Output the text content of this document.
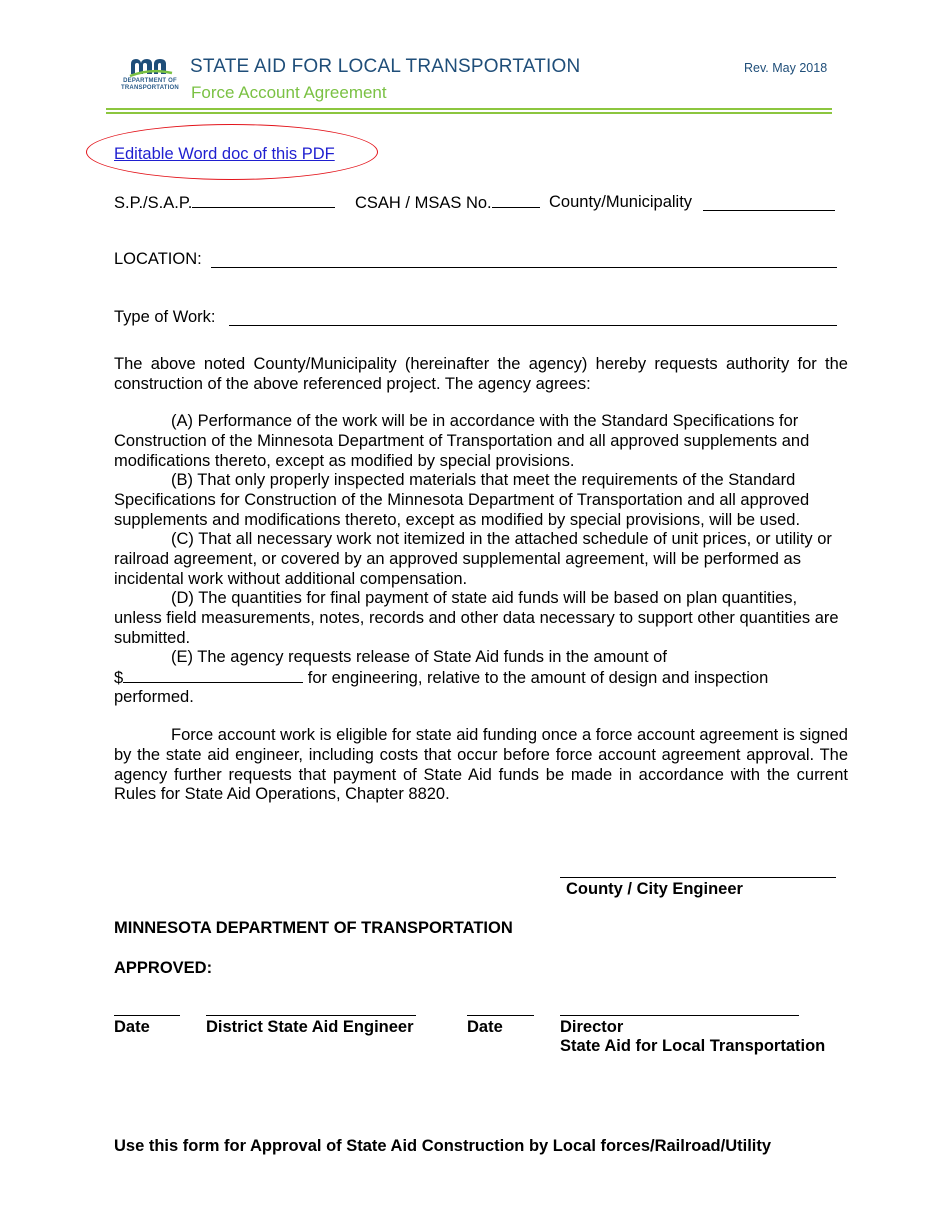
DEPARTMENT OF TRANSPORTATION
STATE AID FOR LOCAL TRANSPORTATION
Force Account Agreement
Rev. May 2018
Editable Word doc of this PDF
S.P./S.A.P.	CSAH / MSAS No.	County/Municipality
LOCATION:
Type of Work:
The above noted County/Municipality (hereinafter the agency) hereby requests authority for the construction of the above referenced project. The agency agrees:
(A) Performance of the work will be in accordance with the Standard Specifications for Construction of the Minnesota Department of Transportation and all approved supplements and modifications thereto, except as modified by special provisions.
(B) That only properly inspected materials that meet the requirements of the Standard Specifications for Construction of the Minnesota Department of Transportation and all approved supplements and modifications thereto, except as modified by special provisions, will be used.
(C) That all necessary work not itemized in the attached schedule of unit prices, or utility or railroad agreement, or covered by an approved supplemental agreement, will be performed as incidental work without additional compensation.
(D) The quantities for final payment of state aid funds will be based on plan quantities, unless field measurements, notes, records and other data necessary to support other quantities are submitted.
(E) The agency requests release of State Aid funds in the amount of
$	for engineering, relative to the amount of design and inspection
performed.
Force account work is eligible for state aid funding once a force account agreement is signed by the state aid engineer, including costs that occur before force account agreement approval. The agency further requests that payment of State Aid funds be made in accordance with the current Rules for State Aid Operations, Chapter 8820.
County / City Engineer
MINNESOTA DEPARTMENT OF TRANSPORTATION
APPROVED:
Date	District State Aid Engineer	Date	Director
State Aid for Local Transportation
Use this form for Approval of State Aid Construction by Local forces/Railroad/Utility
